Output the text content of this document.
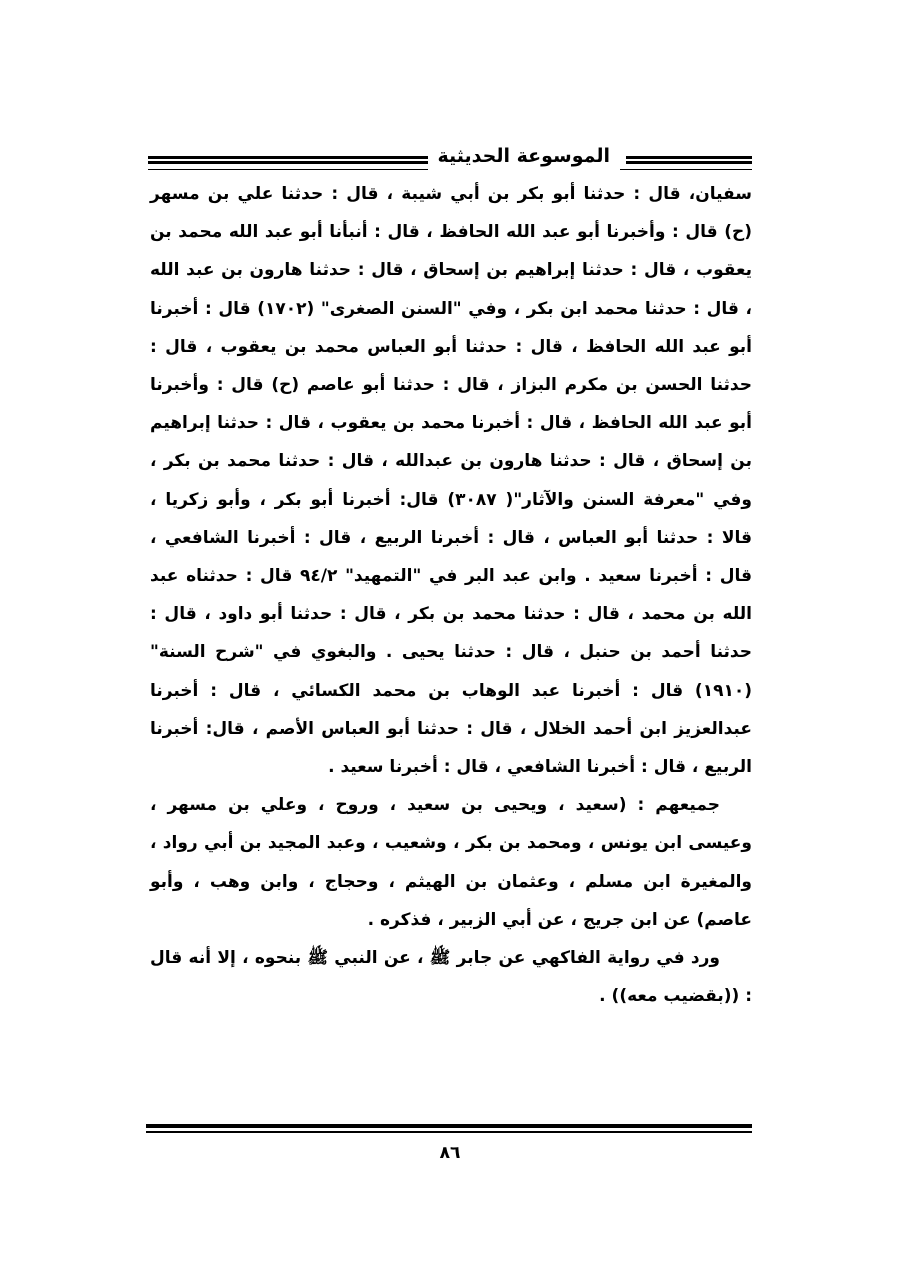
الموسوعة الحديثية

سفيان، قال : حدثنا أبو بكر بن أبي شيبة ، قال : حدثنا علي بن مسهر (ح) قال : وأخبرنا أبو عبد الله الحافظ ، قال : أنبأنا أبو عبد الله محمد بن يعقوب ، قال : حدثنا إبراهيم بن إسحاق ، قال : حدثنا هارون بن عبد الله ، قال : حدثنا محمد ابن بكر ، وفي "السنن الصغرى" (١٧٠٢) قال : أخبرنا أبو عبد الله الحافظ ، قال : حدثنا أبو العباس محمد بن يعقوب ، قال : حدثنا الحسن بن مكرم البزاز ، قال : حدثنا أبو عاصم (ح) قال : وأخبرنا أبو عبد الله الحافظ ، قال : أخبرنا محمد بن يعقوب ، قال : حدثنا إبراهيم بن إسحاق ، قال : حدثنا هارون بن عبدالله ، قال : حدثنا محمد بن بكر ، وفي "معرفة السنن والآثار"( ٣٠٨٧) قال: أخبرنا أبو بكر ، وأبو زكريا ، قالا : حدثنا أبو العباس ، قال : أخبرنا الربيع ، قال : أخبرنا الشافعي ، قال : أخبرنا سعيد . وابن عبد البر في "التمهيد" ٩٤/٢ قال : حدثناه عبد الله بن محمد ، قال : حدثنا محمد بن بكر ، قال : حدثنا أبو داود ، قال : حدثنا أحمد بن حنبل ، قال : حدثنا يحيى . والبغوي في "شرح السنة" (١٩١٠) قال : أخبرنا عبد الوهاب بن محمد الكسائي ، قال : أخبرنا عبدالعزيز ابن أحمد الخلال ، قال : حدثنا أبو العباس الأصم ، قال: أخبرنا الربيع ، قال : أخبرنا الشافعي ، قال : أخبرنا سعيد .

جميعهم : (سعيد ، ويحيى بن سعيد ، وروح ، وعلي بن مسهر ، وعيسى ابن يونس ، ومحمد بن بكر ، وشعيب ، وعبد المجيد بن أبي رواد ، والمغيرة ابن مسلم ، وعثمان بن الهيثم ، وحجاج ، وابن وهب ، وأبو عاصم) عن ابن جريج ، عن أبي الزبير ، فذكره .

ورد في رواية الفاكهي عن جابر ﷺ ، عن النبي ﷺ بنحوه ، إلا أنه قال : ((بقضيب معه)) .

٨٦
